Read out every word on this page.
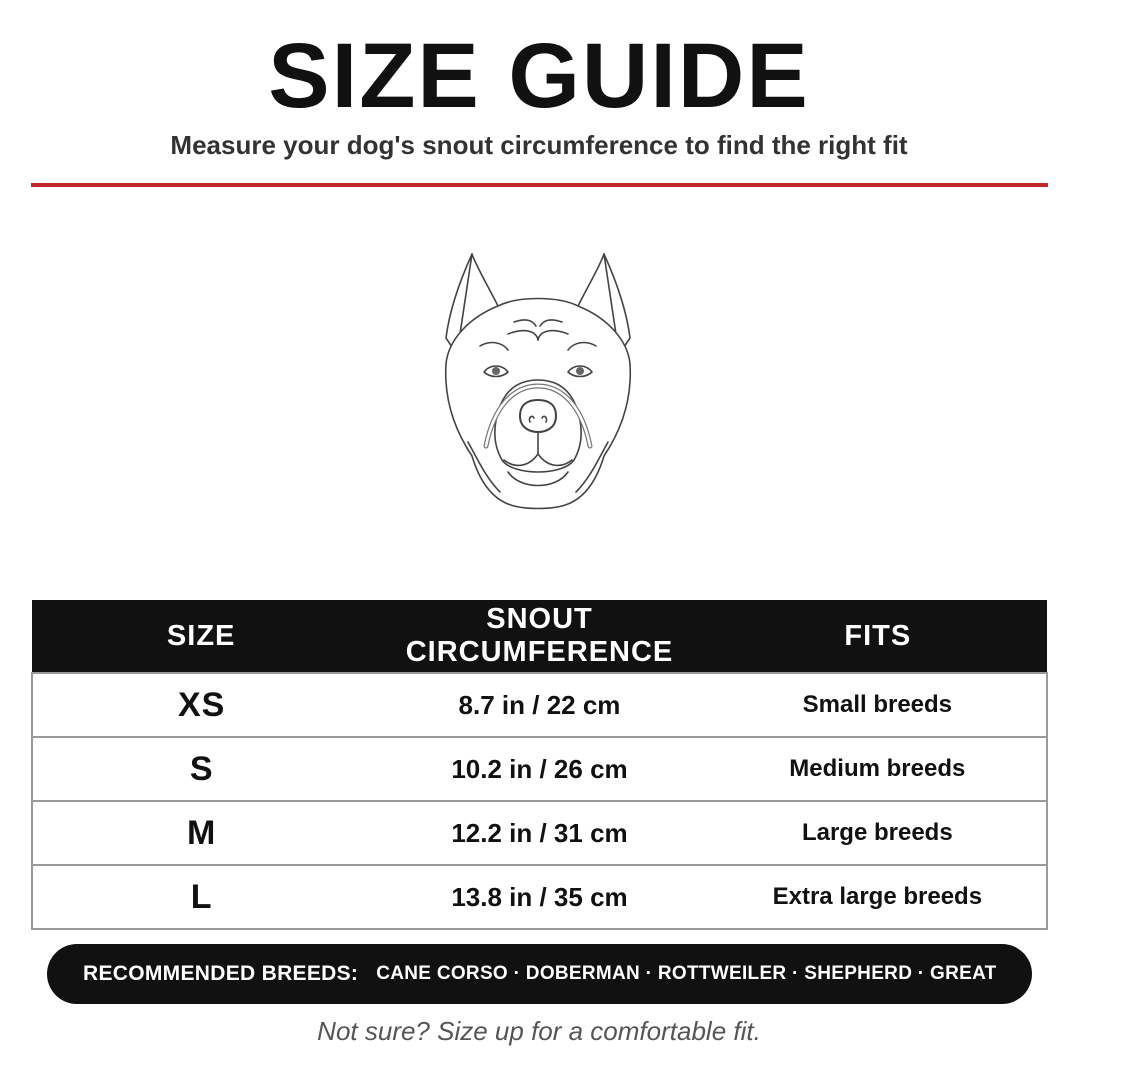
SIZE GUIDE

Measure your dog's snout circumference to find the right fit

SIZE	SNOUT CIRCUMFERENCE	FITS
XS	8.7 in / 22 cm	Small breeds
S	10.2 in / 26 cm	Medium breeds
M	12.2 in / 31 cm	Large breeds
L	13.8 in / 35 cm	Extra large breeds
RECOMMENDED BREEDS: CANE CORSO · DOBERMAN · ROTTWEILER · SHEPHERD · GREAT

Not sure? Size up for a comfortable fit.
